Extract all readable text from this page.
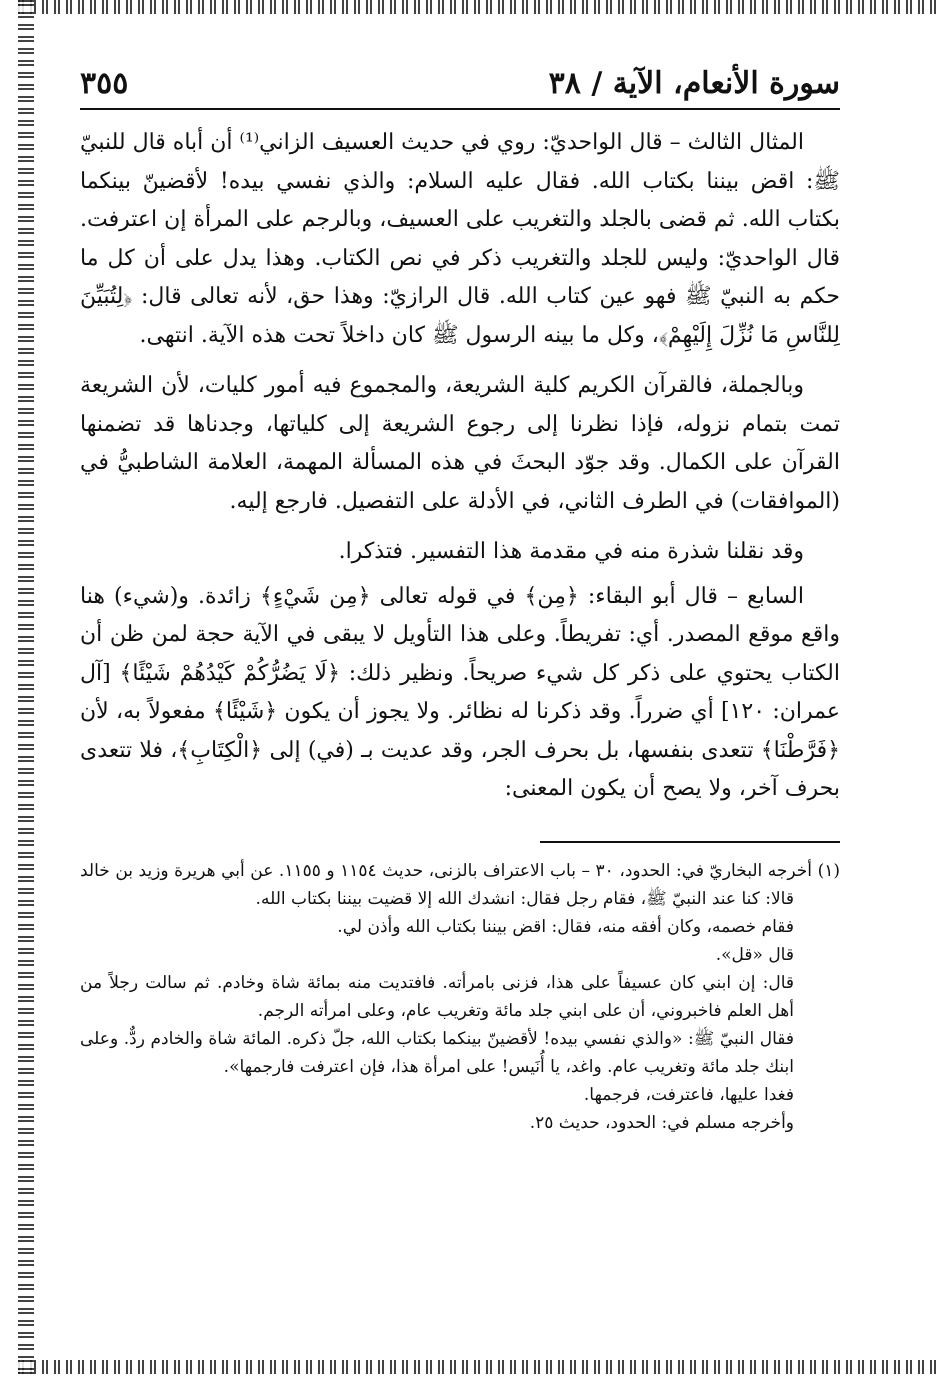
سورة الأنعام، الآية / ٣٨
٣٥٥

المثال الثالث – قال الواحديّ: روي في حديث العسيف الزاني⁽¹⁾ أن أباه قال للنبيّ ﷺ: اقض بيننا بكتاب الله. فقال عليه السلام: والذي نفسي بيده! لأقضينّ بينكما بكتاب الله. ثم قضى بالجلد والتغريب على العسيف، وبالرجم على المرأة إن اعترفت. قال الواحديّ: وليس للجلد والتغريب ذكر في نص الكتاب. وهذا يدل على أن كل ما حكم به النبيّ ﷺ فهو عين كتاب الله. قال الرازيّ: وهذا حق، لأنه تعالى قال: ﴿لِتُبَيِّنَ لِلنَّاسِ مَا نُزِّلَ إِلَيْهِمْ﴾، وكل ما بينه الرسول ﷺ كان داخلاً تحت هذه الآية. انتهى.

وبالجملة، فالقرآن الكريم كلية الشريعة، والمجموع فيه أمور كليات، لأن الشريعة تمت بتمام نزوله، فإذا نظرنا إلى رجوع الشريعة إلى كلياتها، وجدناها قد تضمنها القرآن على الكمال. وقد جوّد البحثَ في هذه المسألة المهمة، العلامة الشاطبيُّ في (الموافقات) في الطرف الثاني، في الأدلة على التفصيل. فارجع إليه.

وقد نقلنا شذرة منه في مقدمة هذا التفسير. فتذكرا.

السابع – قال أبو البقاء: ﴿مِن﴾ في قوله تعالى ﴿مِن شَيْءٍ﴾ زائدة. و(شيء) هنا واقع موقع المصدر. أي: تفريطاً. وعلى هذا التأويل لا يبقى في الآية حجة لمن ظن أن الكتاب يحتوي على ذكر كل شيء صريحاً. ونظير ذلك: ﴿لَا يَضُرُّكُمْ كَيْدُهُمْ شَيْئًا﴾ [آل عمران: ١٢٠] أي ضرراً. وقد ذكرنا له نظائر. ولا يجوز أن يكون ﴿شَيْئًا﴾ مفعولاً به، لأن ﴿فَرَّطْنَا﴾ تتعدى بنفسها، بل بحرف الجر، وقد عديت بـ (في) إلى ﴿الْكِتَابِ﴾، فلا تتعدى بحرف آخر، ولا يصح أن يكون المعنى:

(١) أخرجه البخاريّ في: الحدود، ٣٠ – باب الاعتراف بالزنى، حديث ١١٥٤ و ١١٥٥. عن أبي هريرة وزيد بن خالد قالا: كنا عند النبيّ ﷺ، فقام رجل فقال: انشدك الله إلا قضيت بيننا بكتاب الله.

فقام خصمه، وكان أفقه منه، فقال: اقض بيننا بكتاب الله وأذن لي.

قال «قل».

قال: إن ابني كان عسيفاً على هذا، فزنى بامرأته. فافتديت منه بمائة شاة وخادم. ثم سالت رجلاً من أهل العلم فاخبروني، أن على ابني جلد مائة وتغريب عام، وعلى امرأته الرجم.

فقال النبيّ ﷺ: «والذي نفسي بيده! لأقضينّ بينكما بكتاب الله، جلّ ذكره. المائة شاة والخادم ردٌّ. وعلى ابنك جلد مائة وتغريب عام. واغد، يا أُنَيس! على امرأة هذا، فإن اعترفت فارجمها».

فغدا عليها، فاعترفت، فرجمها.

وأخرجه مسلم في: الحدود، حديث ٢٥.
